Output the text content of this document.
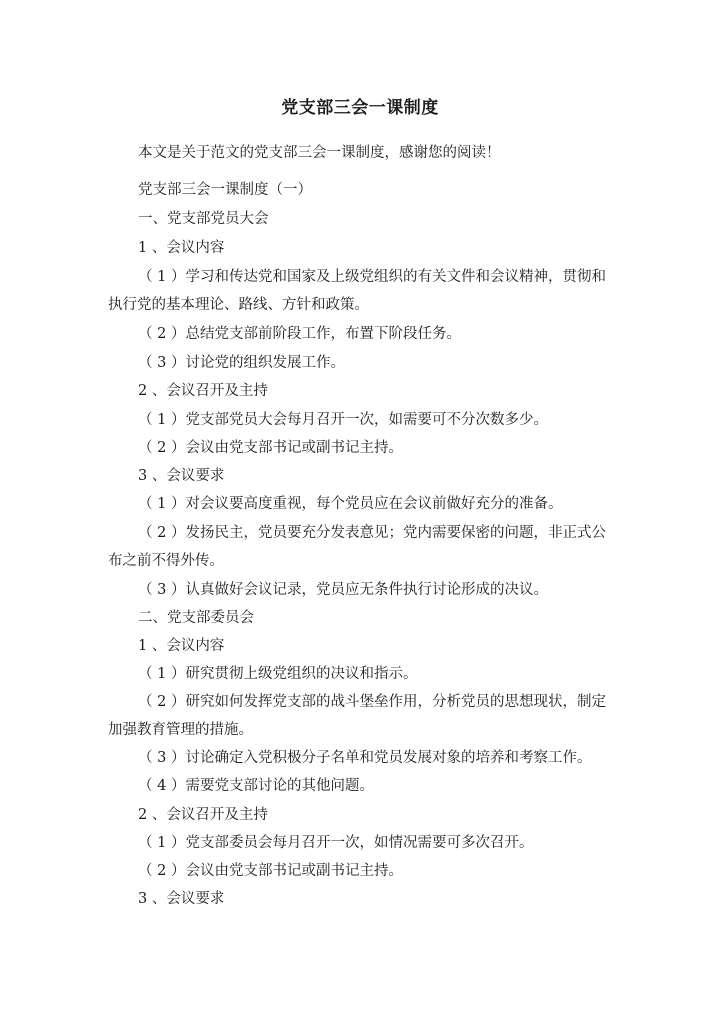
党支部三会一课制度
本文是关于范文的党支部三会一课制度，感谢您的阅读！
党支部三会一课制度（一）
一、党支部党员大会
1 、会议内容
（ 1 ）学习和传达党和国家及上级党组织的有关文件和会议精神，贯彻和
执行党的基本理论、路线、方针和政策。
（ 2 ）总结党支部前阶段工作，布置下阶段任务。
（ 3 ）讨论党的组织发展工作。
2 、会议召开及主持
（ 1 ）党支部党员大会每月召开一次，如需要可不分次数多少。
（ 2 ）会议由党支部书记或副书记主持。
3 、会议要求
（ 1 ）对会议要高度重视，每个党员应在会议前做好充分的准备。
（ 2 ）发扬民主，党员要充分发表意见；党内需要保密的问题，非正式公
布之前不得外传。
（ 3 ）认真做好会议记录，党员应无条件执行讨论形成的决议。
二、党支部委员会
1 、会议内容
（ 1 ）研究贯彻上级党组织的决议和指示。
（ 2 ）研究如何发挥党支部的战斗堡垒作用，分析党员的思想现状，制定
加强教育管理的措施。
（ 3 ）讨论确定入党积极分子名单和党员发展对象的培养和考察工作。
（ 4 ）需要党支部讨论的其他问题。
2 、会议召开及主持
（ 1 ）党支部委员会每月召开一次，如情况需要可多次召开。
（ 2 ）会议由党支部书记或副书记主持。
3 、会议要求
